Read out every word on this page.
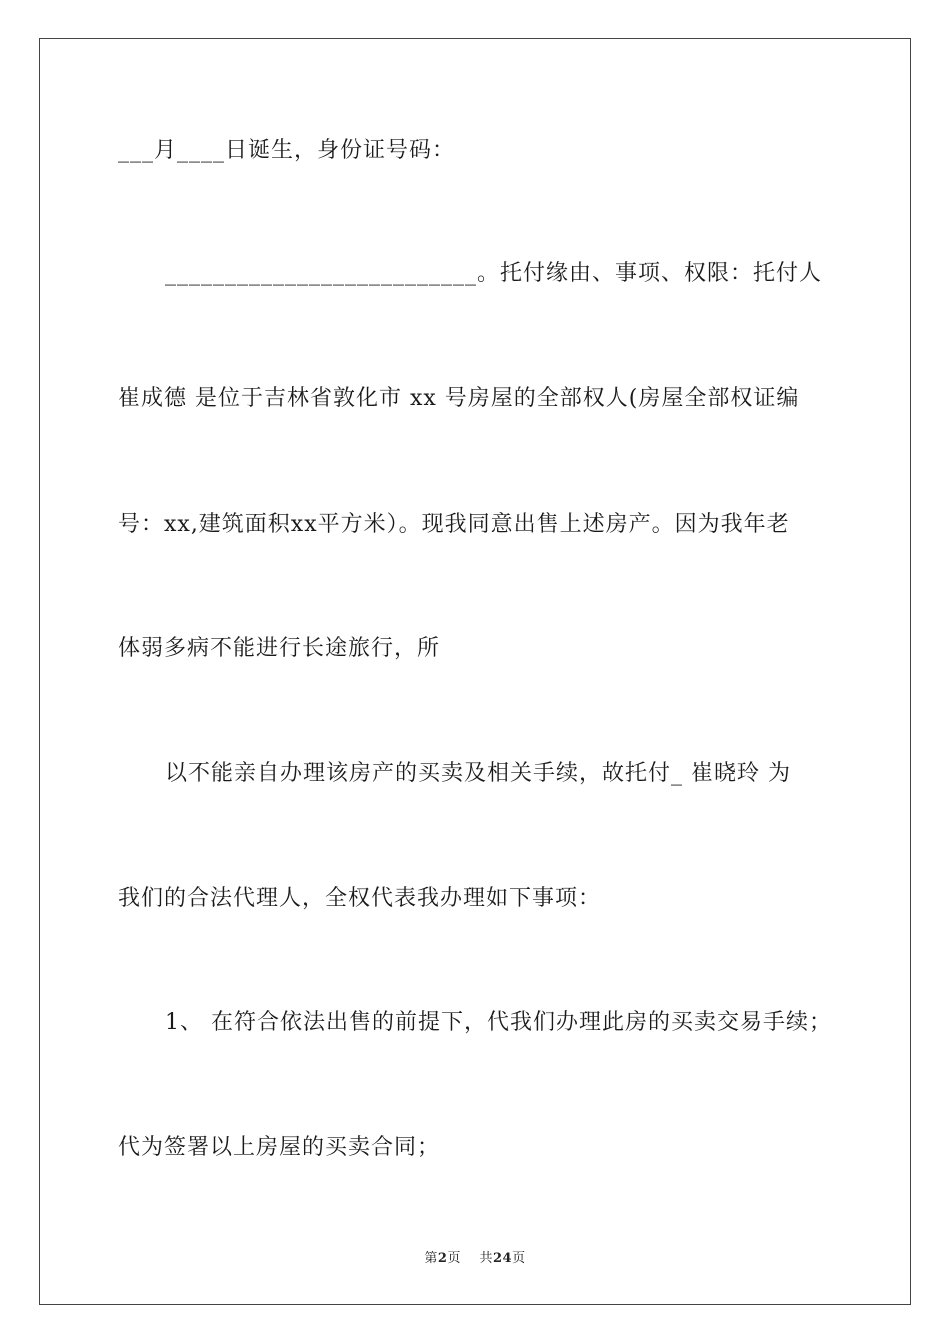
___月____日诞生，身份证号码：
__________________________。托付缘由、事项、权限：托付人
崔成德 是位于吉林省敦化市 xx 号房屋的全部权人(房屋全部权证编
号：xx,建筑面积xx平方米）。现我同意出售上述房产。因为我年老
体弱多病不能进行长途旅行，所
以不能亲自办理该房产的买卖及相关手续，故托付_ 崔晓玲 为
我们的合法代理人，全权代表我办理如下事项：
1、 在符合依法出售的前提下，代我们办理此房的买卖交易手续；
代为签署以上房屋的买卖合同；
第2页    共24页
